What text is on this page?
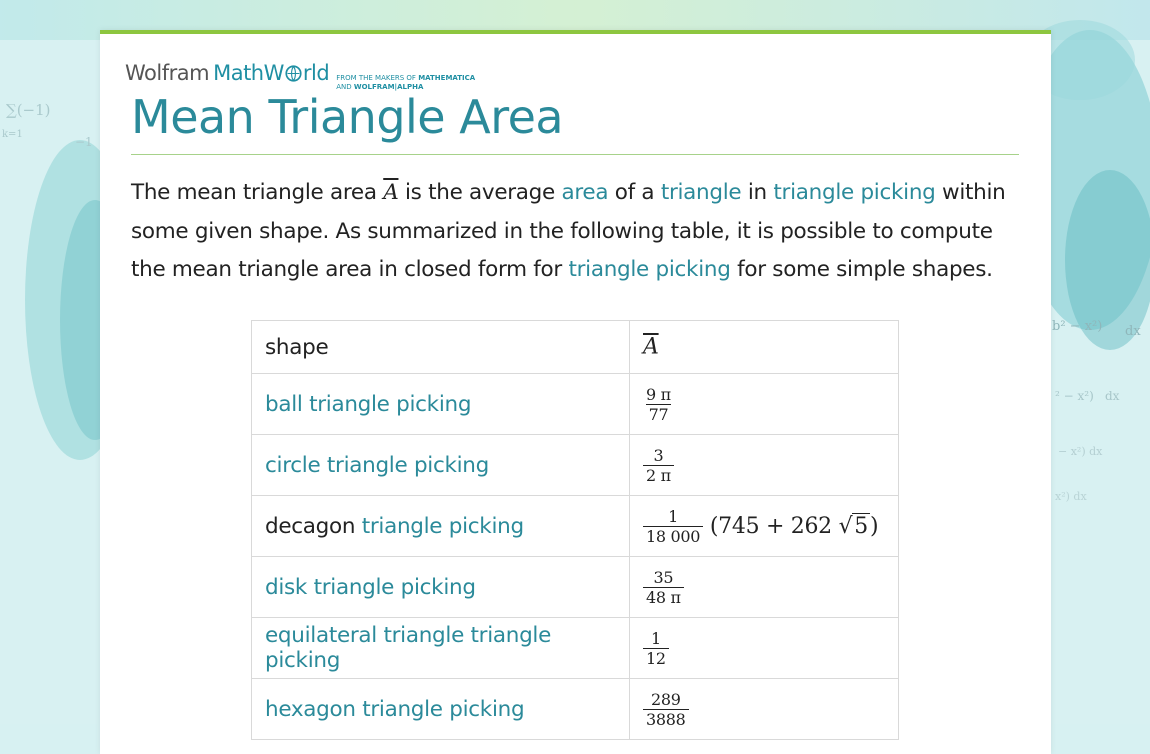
∑(−1)
k=1
−1
b² − x²) dx
² − x²) dx
− x²) dx
x²) dx
Wolfram MathW rld FROM THE MAKERS OF MATHEMATICA
AND WOLFRAM|ALPHA
Mean Triangle Area

The mean triangle area $\overline{A}$ is the average area of a triangle in triangle picking within some given shape. As summarized in the following table, it is possible to compute the mean triangle area in closed form for triangle picking for some simple shapes.

shape	$\overline{A}$
ball triangle picking	$\frac{9 \pi}{77}$

circle triangle picking	$\frac{3}{2 \pi}$

decagon triangle picking	$\frac{1}{18 000} (745 + 262$ √5)
disk triangle picking	$\frac{35}{48 \pi}$

equilateral triangle triangle picking	$\frac{1}{12}$

hexagon triangle picking	$\frac{289}{3888}$
